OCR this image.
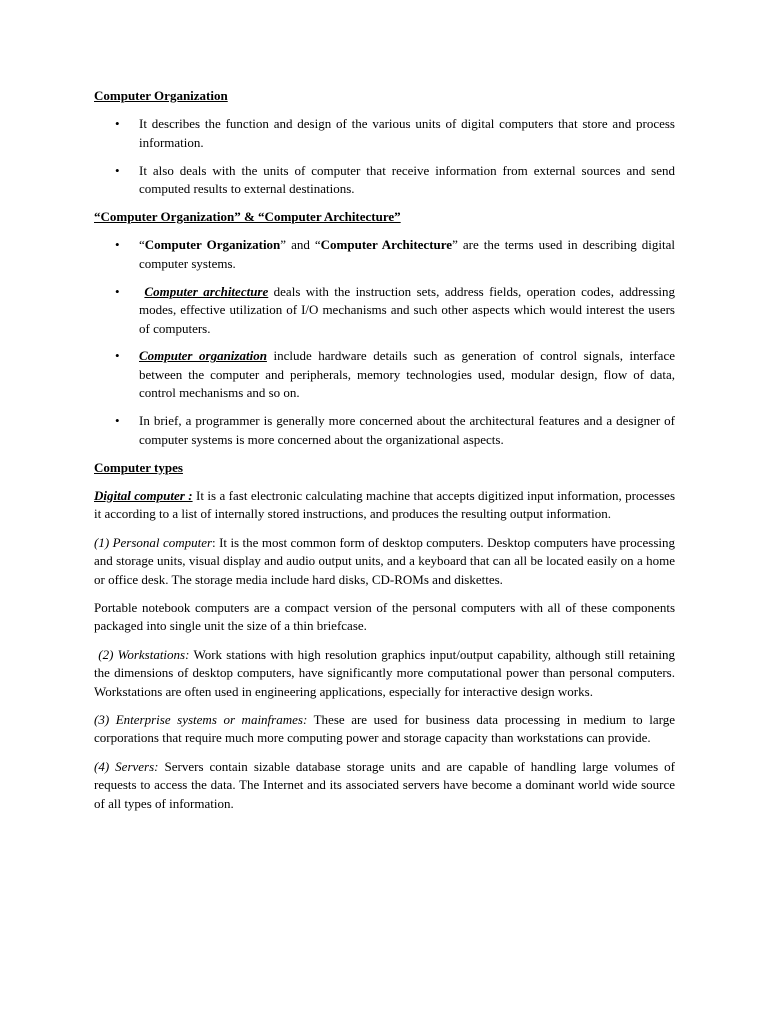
Computer Organization
• It describes the function and design of the various units of digital computers that store and process information.
• It also deals with the units of computer that receive information from external sources and send computed results to external destinations.
“Computer Organization” & “Computer Architecture”
• “Computer Organization” and “Computer Architecture” are the terms used in describing digital computer systems.
• Computer architecture deals with the instruction sets, address fields, operation codes, addressing modes, effective utilization of I/O mechanisms and such other aspects which would interest the users of computers.
• Computer organization include hardware details such as generation of control signals, interface between the computer and peripherals, memory technologies used, modular design, flow of data, control mechanisms and so on.
• In brief, a programmer is generally more concerned about the architectural features and a designer of computer systems is more concerned about the organizational aspects.
Computer types

Digital computer : It is a fast electronic calculating machine that accepts digitized input information, processes it according to a list of internally stored instructions, and produces the resulting output information.

(1) Personal computer: It is the most common form of desktop computers. Desktop computers have processing and storage units, visual display and audio output units, and a keyboard that can all be located easily on a home or office desk. The storage media include hard disks, CD-ROMs and diskettes.

Portable notebook computers are a compact version of the personal computers with all of these components packaged into single unit the size of a thin briefcase.

(2) Workstations: Work stations with high resolution graphics input/output capability, although still retaining the dimensions of desktop computers, have significantly more computational power than personal computers. Workstations are often used in engineering applications, especially for interactive design works.

(3) Enterprise systems or mainframes: These are used for business data processing in medium to large corporations that require much more computing power and storage capacity than workstations can provide.

(4) Servers: Servers contain sizable database storage units and are capable of handling large volumes of requests to access the data. The Internet and its associated servers have become a dominant world wide source of all types of information.
